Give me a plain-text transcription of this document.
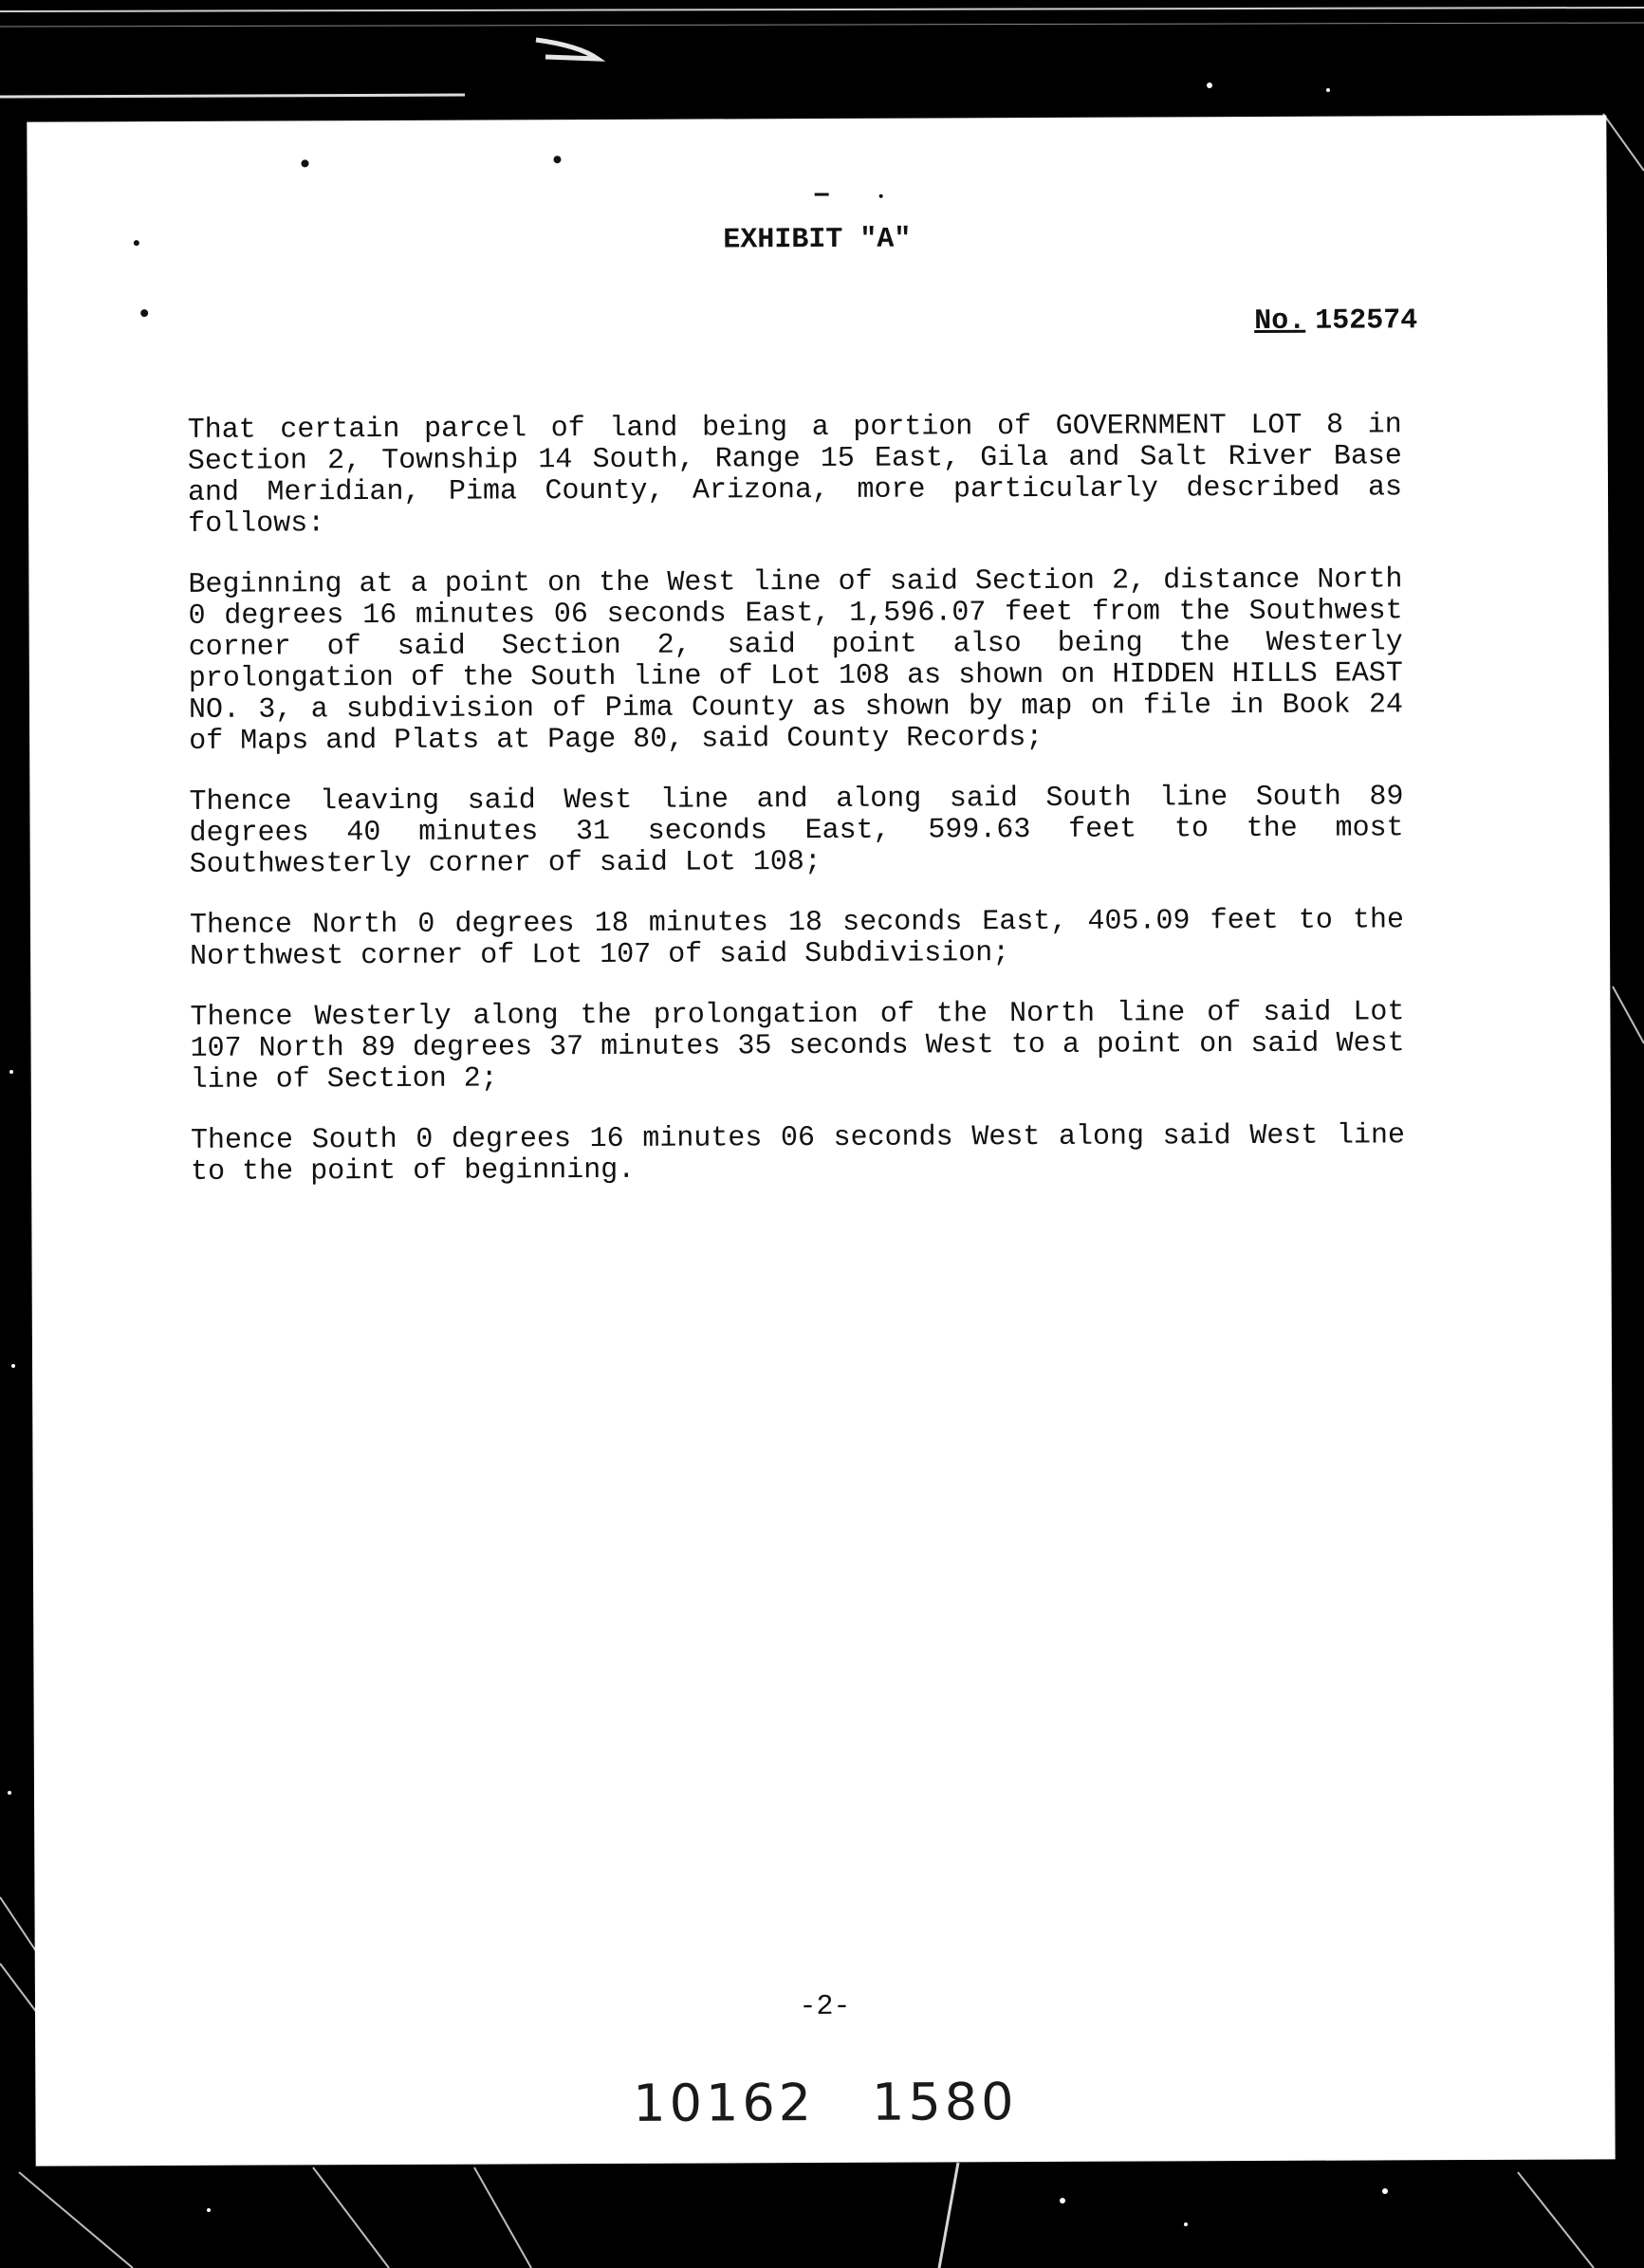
EXHIBIT "A"
No. 152574

That certain parcel of land being a portion of GOVERNMENT LOT 8 in Section 2, Township 14 South, Range 15 East, Gila and Salt River Base and Meridian, Pima County, Arizona, more particularly described as follows:

Beginning at a point on the West line of said Section 2, distance North 0 degrees 16 minutes 06 seconds East, 1,596.07 feet from the Southwest corner of said Section 2, said point also being the Westerly prolongation of the South line of Lot 108 as shown on HIDDEN HILLS EAST NO. 3, a subdivision of Pima County as shown by map on file in Book 24 of Maps and Plats at Page 80, said County Records;

Thence leaving said West line and along said South line South 89 degrees 40 minutes 31 seconds East, 599.63 feet to the most Southwesterly corner of said Lot 108;

Thence North 0 degrees 18 minutes 18 seconds East, 405.09 feet to the Northwest corner of Lot 107 of said Subdivision;

Thence Westerly along the prolongation of the North line of said Lot 107 North 89 degrees 37 minutes 35 seconds West to a point on said West line of Section 2;

Thence South 0 degrees 16 minutes 06 seconds West along said West line to the point of beginning.

-2-
10162 1580
